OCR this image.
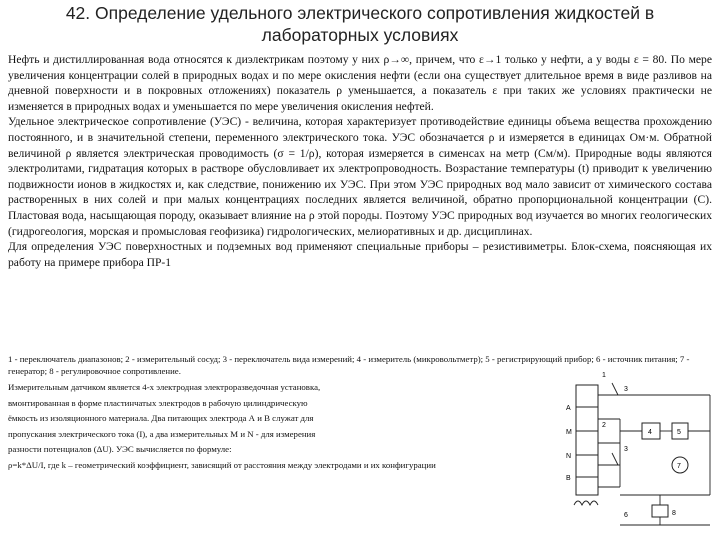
42. Определение удельного электрического сопротивления жидкостей в лабораторных условиях

Нефть и дистиллированная вода относятся к диэлектрикам поэтому у них ρ→∞, причем, что ε→1 только у нефти, а у воды ε = 80. По мере увеличения концентрации солей в природных водах и по мере окисления нефти (если она существует длительное время в виде разливов на дневной поверхности и в покровных отложениях) показатель ρ уменьшается, а показатель ε при таких же условиях практически не изменяется в природных водах и уменьшается по мере увеличения окисления нефтей.

Удельное электрическое сопротивление (УЭС) - величина, которая характеризует противодействие единицы объема вещества прохождению постоянного, и в значительной степени, переменного электрического тока. УЭС обозначается ρ и измеряется в единицах Ом·м. Обратной величиной ρ является электрическая проводимость (σ = 1/ρ), которая измеряется в сименсах на метр (См/м). Природные воды являются электролитами, гидратация которых в растворе обусловливает их электропроводность. Возрастание температуры (t) приводит к увеличению подвижности ионов в жидкостях и, как следствие, понижению их УЭС. При этом УЭС природных вод мало зависит от химического состава растворенных в них солей и при малых концентрациях последних является величиной, обратно пропорциональной концентрации (С). Пластовая вода, насыщающая породу, оказывает влияние на ρ этой породы. Поэтому УЭС природных вод изучается во многих геологических (гидрогеология, морская и промысловая геофизика) гидрологических, мелиоративных и др. дисциплинах.

Для определения УЭС поверхностных и подземных вод применяют специальные приборы – резистивиметры. Блок-схема, поясняющая их работу на примере прибора ПР-1

1 - переключатель диапазонов; 2 - измерительный сосуд; 3 - переключатель вида измерений; 4 - измеритель (микровольтметр); 5 - регистрирующий прибор; 6 - источник питания; 7 - генератор; 8 - регулировочное сопротивление.
Измерительным датчиком является 4-х электродная электроразведочная установка,
вмонтированная в форме пластинчатых электродов в рабочую цилиндрическую
ёмкость из изоляционного материала. Два питающих электрода А и В служат для
пропускания электрического тока (I), а два измерительных М и N - для измерения
разности потенциалов (ΔU). УЭС вычисляется по формуле:
ρ=k*ΔU/I, где k – геометрический коэффициент, зависящий от расстояния между электродами и их конфигурации
A
M
N
B
4	5
7
8
6
1
2
3
3
